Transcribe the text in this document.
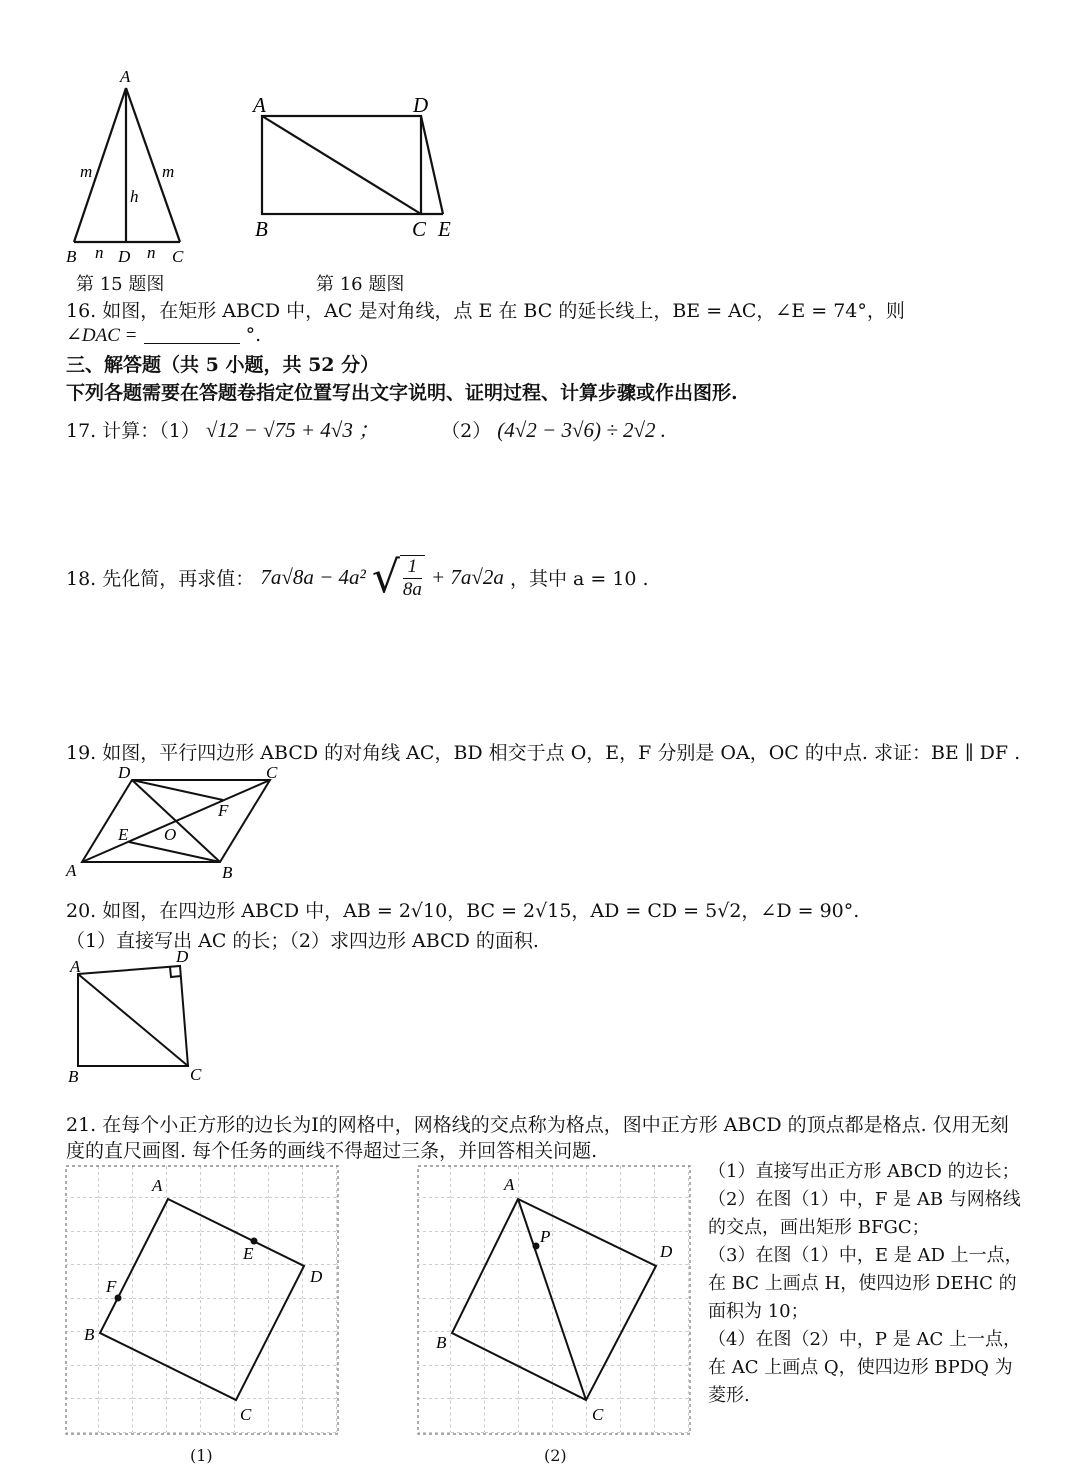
A
m	m
h
B n D n C
第 15 题图
A	D
B	C E
第 16 题图
16. 如图，在矩形 ABCD 中，AC 是对角线，点 E 在 BC 的延长线上，BE = AC，∠E = 74°，则
∠DAC =	°.
三、解答题（共 5 小题，共 52 分）
下列各题需要在答题卷指定位置写出文字说明、证明过程、计算步骤或作出图形.
17. 计算：（1） √12 − √75 + 4√3 ；	（2） (4√2 − 3√6) ÷ 2√2 .
18. 先化简，再求值： 7a√8a − 4a² √ $\frac{1}{8a} + 7a√2a$ ，其中 a = 10 .
19. 如图，平行四边形 ABCD 的对角线 AC，BD 相交于点 O，E，F 分别是 OA，OC 的中点. 求证：BE ∥ DF .
D	C
F
E O
A	B
20. 如图，在四边形 ABCD 中，AB = 2√10，BC = 2√15，AD = CD = 5√2，∠D = 90°.
（1）直接写出 AC 的长；（2）求四边形 ABCD 的面积.
A
D
B	C
21. 在每个小正方形的边长为I的网格中，网格线的交点称为格点，图中正方形 ABCD 的顶点都是格点. 仅用无刻
度的直尺画图. 每个任务的画线不得超过三条，并回答相关问题.
A
E
D
F
B
C
(1)
A
P
D
B
C
(2)
（1）直接写出正方形 ABCD 的边长；
（2）在图（1）中，F 是 AB 与网格线
的交点，画出矩形 BFGC；
（3）在图（1）中，E 是 AD 上一点，
在 BC 上画点 H，使四边形 DEHC 的
面积为 10；
（4）在图（2）中，P 是 AC 上一点，
在 AC 上画点 Q，使四边形 BPDQ 为
菱形.
